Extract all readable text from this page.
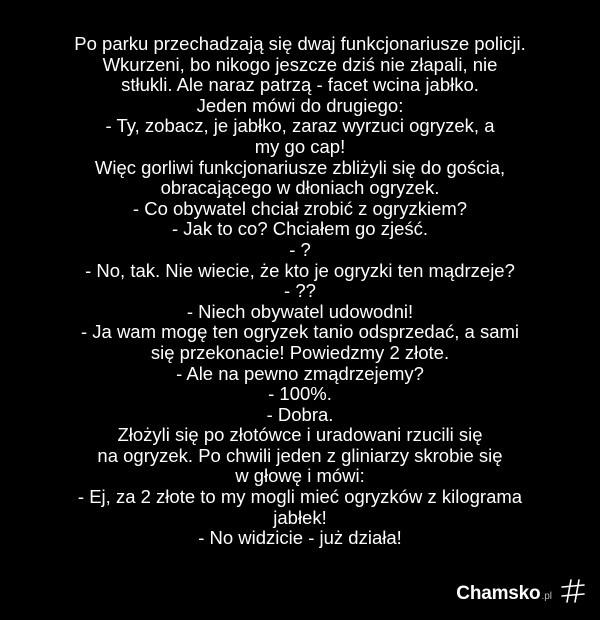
Po parku przechadzają się dwaj funkcjonariusze policji.
Wkurzeni, bo nikogo jeszcze dziś nie złapali, nie
stłukli. Ale naraz patrzą - facet wcina jabłko.
Jeden mówi do drugiego:
- Ty, zobacz, je jabłko, zaraz wyrzuci ogryzek, a
my go cap!
Więc gorliwi funkcjonariusze zbliżyli się do gościa,
obracającego w dłoniach ogryzek.
- Co obywatel chciał zrobić z ogryzkiem?
- Jak to co? Chciałem go zjeść.
- ?
- No, tak. Nie wiecie, że kto je ogryzki ten mądrzeje?
- ??
- Niech obywatel udowodni!
- Ja wam mogę ten ogryzek tanio odsprzedać, a sami
się przekonacie! Powiedzmy 2 złote.
- Ale na pewno zmądrzejemy?
- 100%.
- Dobra.
Złożyli się po złotówce i uradowani rzucili się
na ogryzek. Po chwili jeden z gliniarzy skrobie się
w głowę i mówi:
- Ej, za 2 złote to my mogli mieć ogryzków z kilograma
jabłek!
- No widzicie - już działa!
Chamsko.pl
